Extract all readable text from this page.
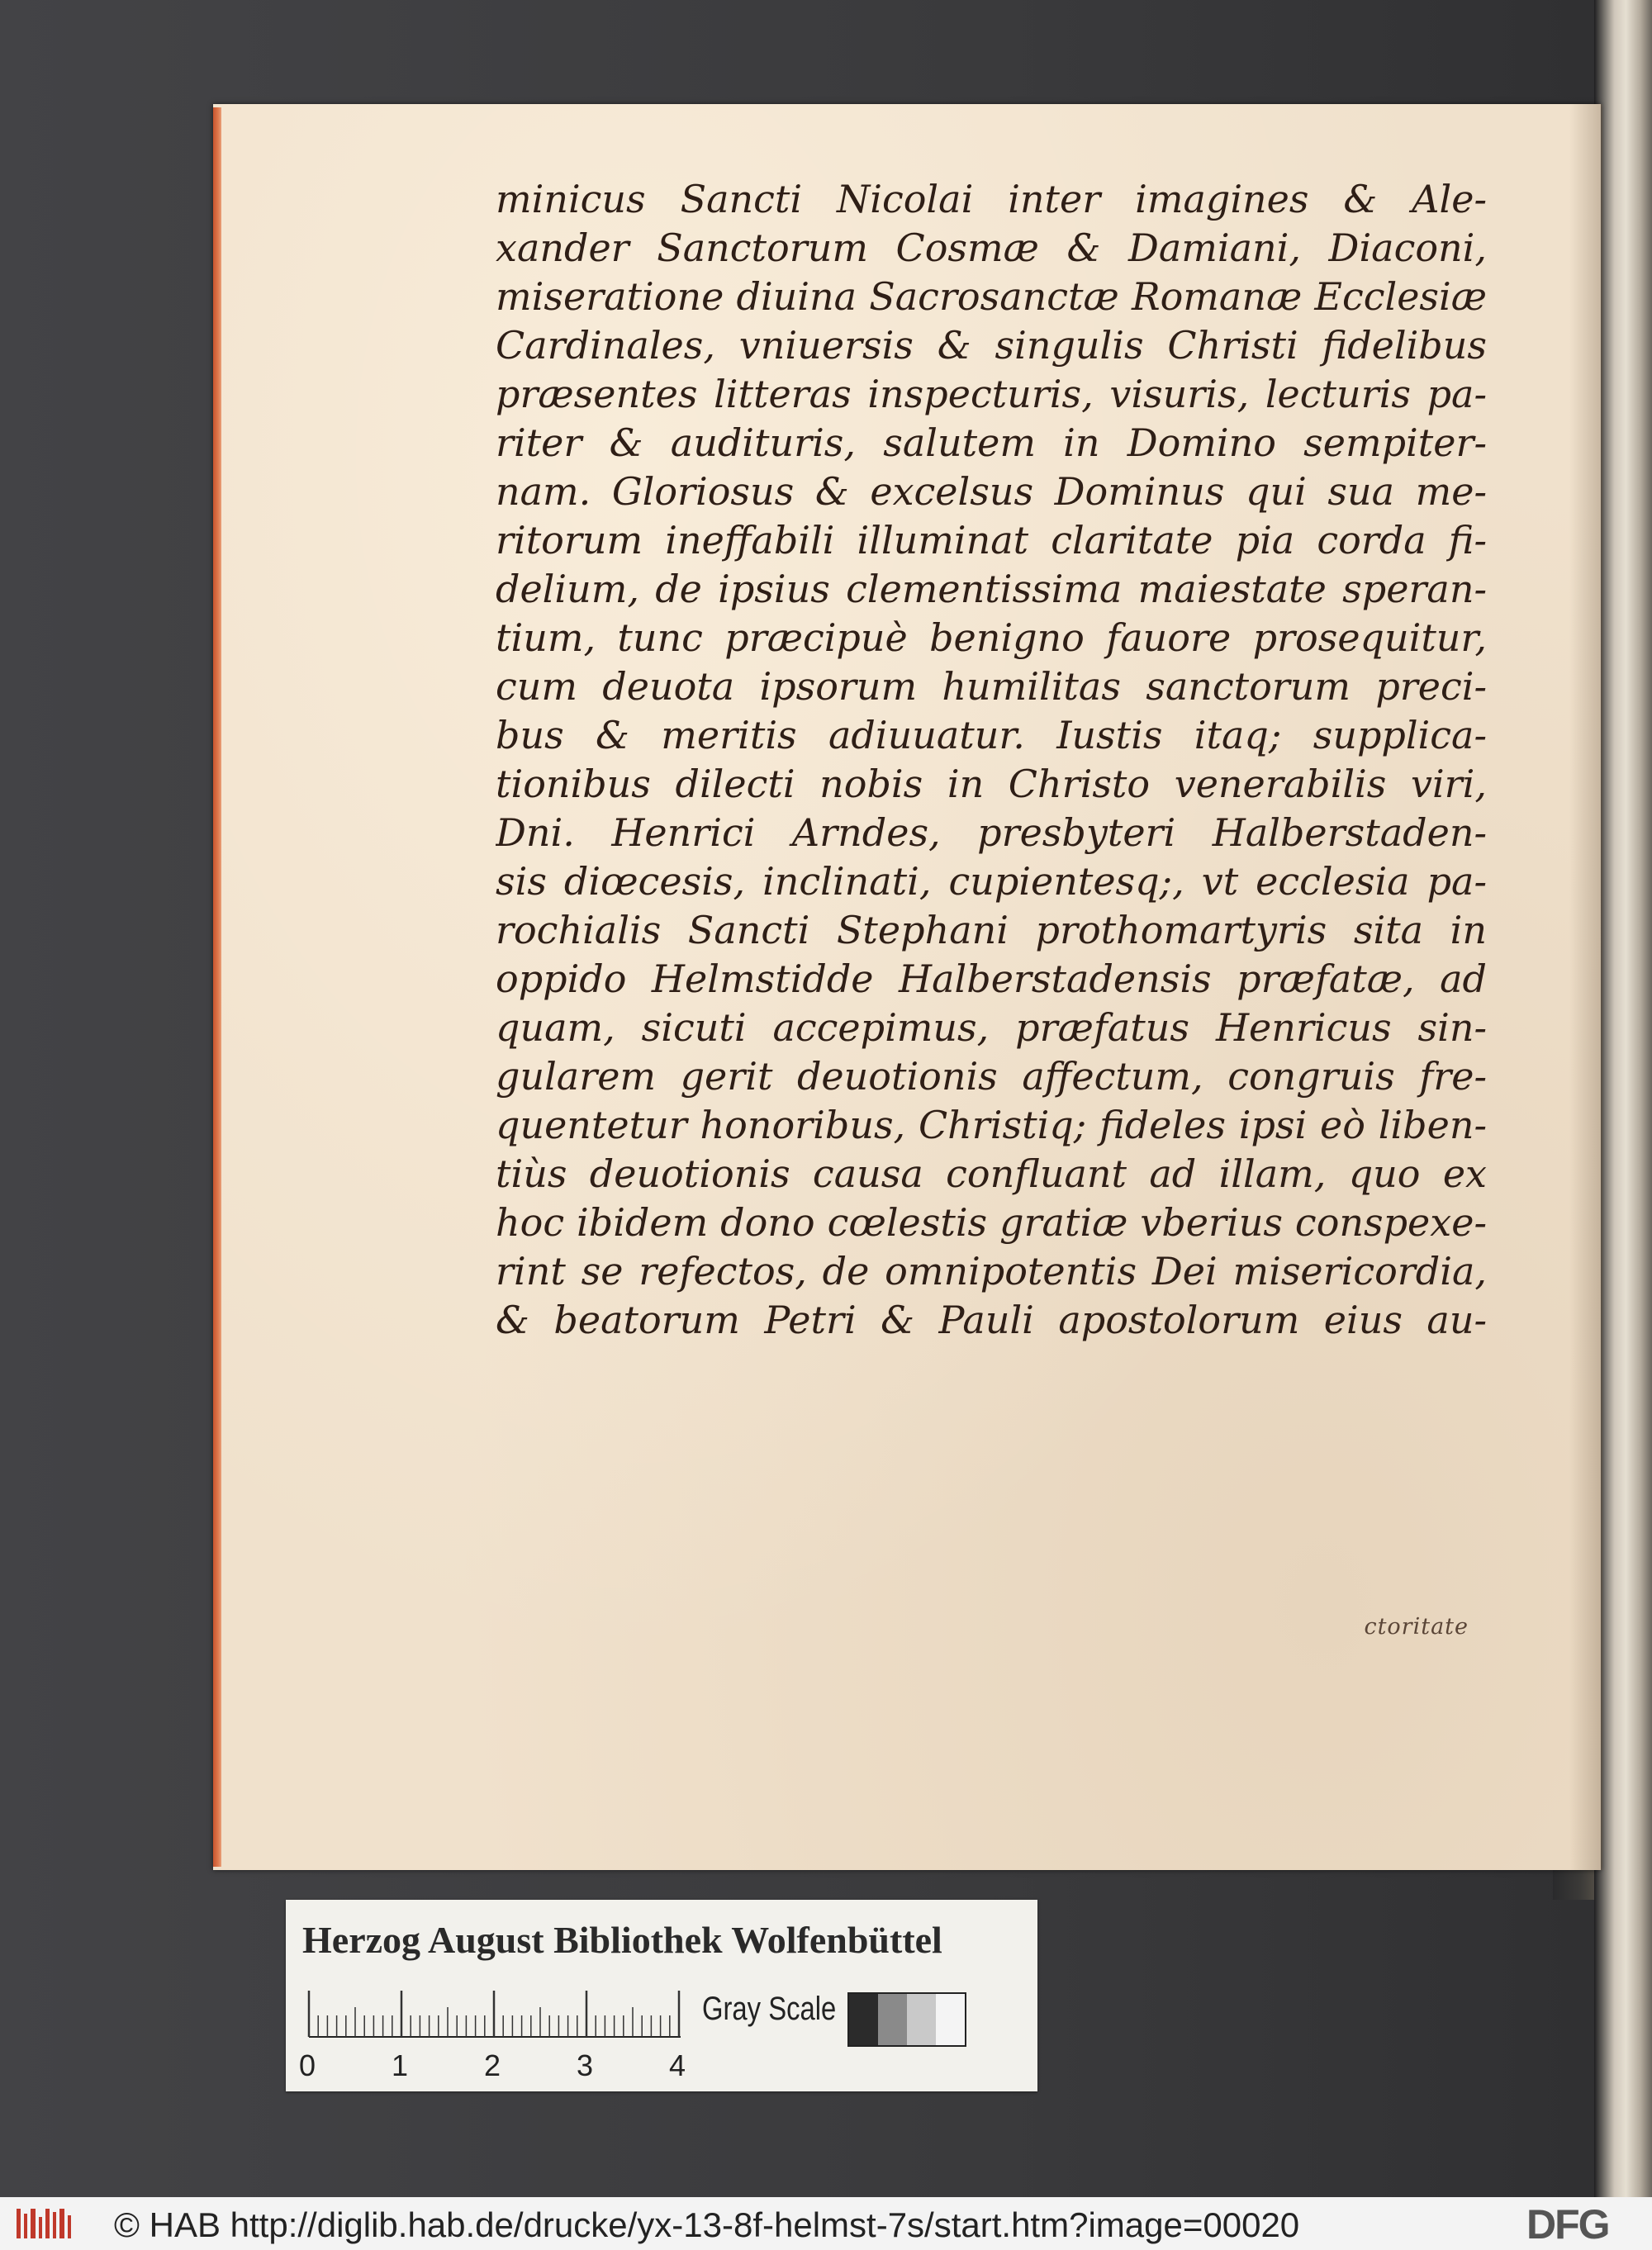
minicus Sancti Nicolai inter imagines & Ale-
xander Sanctorum Cosmæ & Damiani, Diaconi,
miseratione diuina Sacrosanctæ Romanæ Ecclesiæ
Cardinales, vniuersis & singulis Christi fidelibus
præsentes litteras inspecturis, visuris, lecturis pa-
riter & audituris, salutem in Domino sempiter-
nam. Gloriosus & excelsus Dominus qui sua me-
ritorum ineffabili illuminat claritate pia corda fi-
delium, de ipsius clementissima maiestate speran-
tium, tunc præcipuè benigno fauore prosequitur,
cum deuota ipsorum humilitas sanctorum preci-
bus & meritis adiuuatur. Iustis itaq; supplica-
tionibus dilecti nobis in Christo venerabilis viri,
Dni. Henrici Arndes, presbyteri Halberstaden-
sis diœcesis, inclinati, cupientesq;, vt ecclesia pa-
rochialis Sancti Stephani prothomartyris sita in
oppido Helmstidde Halberstadensis præfatæ, ad
quam, sicuti accepimus, præfatus Henricus sin-
gularem gerit deuotionis affectum, congruis fre-
quentetur honoribus, Christiq; fideles ipsi eò liben-
tiùs deuotionis causa confluant ad illam, quo ex
hoc ibidem dono cœlestis gratiæ vberius conspexe-
rint se refectos, de omnipotentis Dei misericordia,
& beatorum Petri & Pauli apostolorum eius au-
ctoritate
Herzog August Bibliothek Wolfenbüttel
0	1	2	3	4
Gray Scale
© HAB http://diglib.hab.de/drucke/yx-13-8f-helmst-7s/start.htm?image=00020	DFG
